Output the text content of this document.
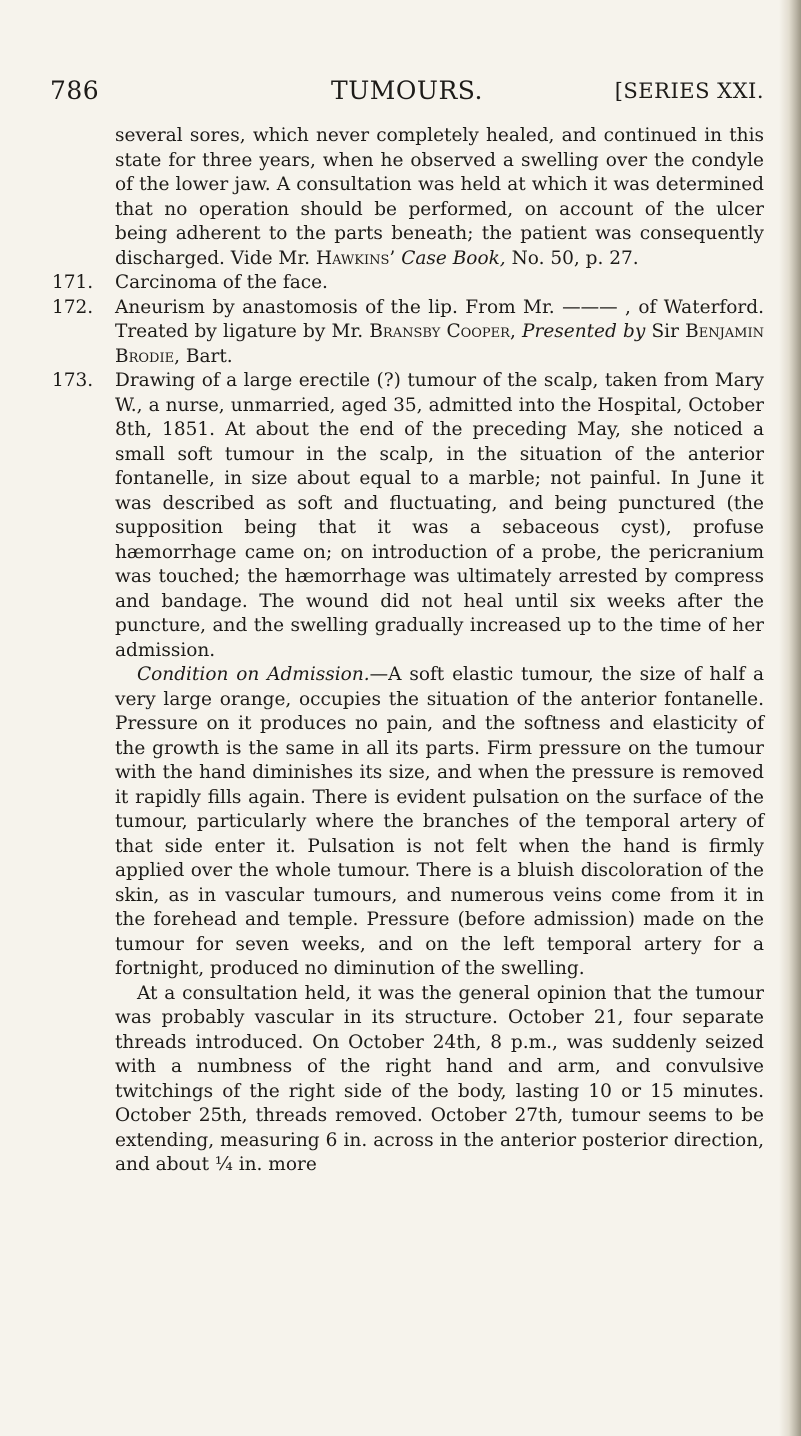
786	TUMOURS.	[SERIES XXI.

several sores, which never completely healed, and continued in this state for three years, when he observed a swelling over the condyle of the lower jaw. A consultation was held at which it was determined that no operation should be performed, on account of the ulcer being adherent to the parts beneath; the patient was consequently discharged. Vide Mr. Hawkins’ Case Book, No. 50, p. 27.

171. Carcinoma of the face.

172. Aneurism by anastomosis of the lip. From Mr. ——— , of Waterford. Treated by ligature by Mr. Bransby Cooper, Presented by Sir Benjamin Brodie, Bart.

173. Drawing of a large erectile (?) tumour of the scalp, taken from Mary W., a nurse, unmarried, aged 35, admitted into the Hospital, October 8th, 1851. At about the end of the preceding May, she noticed a small soft tumour in the scalp, in the situation of the anterior fontanelle, in size about equal to a marble; not painful. In June it was described as soft and fluctuating, and being punctured (the supposition being that it was a sebaceous cyst), profuse hæmorrhage came on; on introduction of a probe, the pericranium was touched; the hæmorrhage was ultimately arrested by compress and bandage. The wound did not heal until six weeks after the puncture, and the swelling gradually increased up to the time of her admission.

Condition on Admission.—A soft elastic tumour, the size of half a very large orange, occupies the situation of the anterior fontanelle. Pressure on it produces no pain, and the softness and elasticity of the growth is the same in all its parts. Firm pressure on the tumour with the hand diminishes its size, and when the pressure is removed it rapidly fills again. There is evident pulsation on the surface of the tumour, particularly where the branches of the temporal artery of that side enter it. Pulsation is not felt when the hand is firmly applied over the whole tumour. There is a bluish discoloration of the skin, as in vascular tumours, and numerous veins come from it in the forehead and temple. Pressure (before admission) made on the tumour for seven weeks, and on the left temporal artery for a fortnight, produced no diminution of the swelling.

At a consultation held, it was the general opinion that the tumour was probably vascular in its structure. October 21, four separate threads introduced. On October 24th, 8 p.m., was suddenly seized with a numbness of the right hand and arm, and convulsive twitchings of the right side of the body, lasting 10 or 15 minutes. October 25th, threads removed. October 27th, tumour seems to be extending, measuring 6 in. across in the anterior posterior direction, and about ¼ in. more
